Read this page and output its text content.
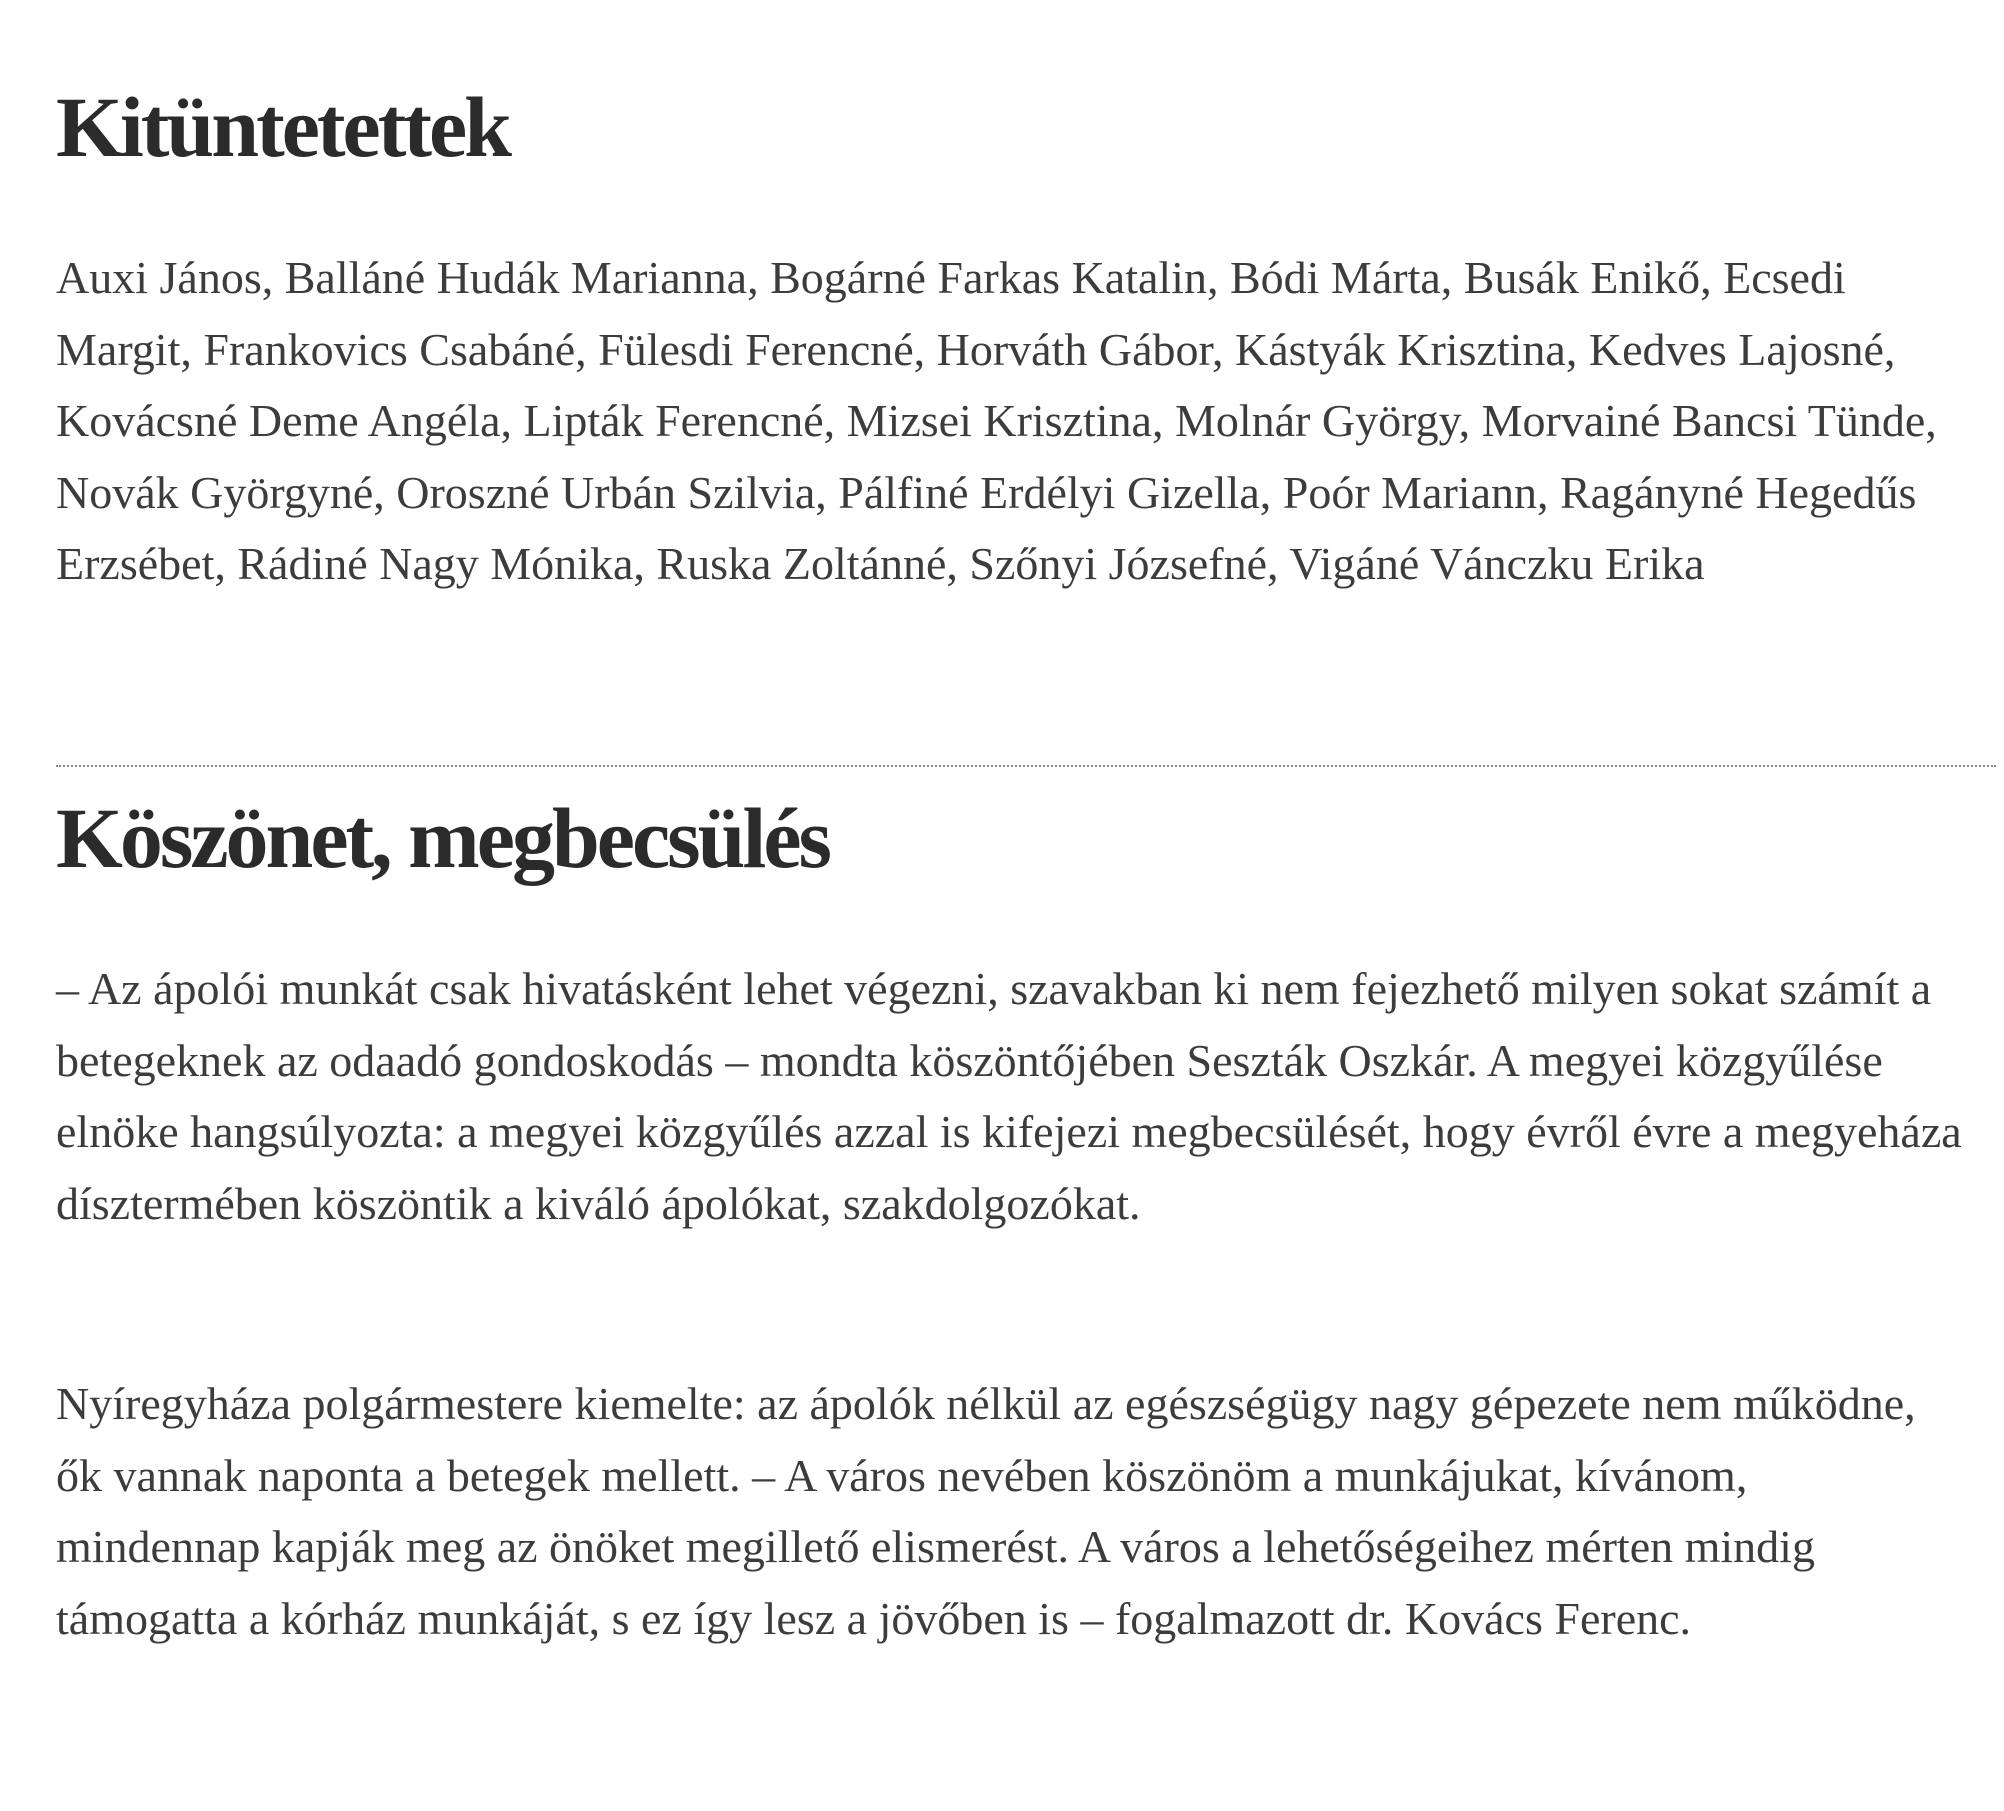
Kitüntetettek

Auxi János, Balláné Hudák Marianna, Bogárné Farkas Katalin, Bódi Márta, Busák Enikő, Ecsedi Margit, Frankovics Csabáné, Fülesdi Ferencné, Horváth Gábor, Kástyák Krisztina, Kedves Lajosné, Kovácsné Deme Angéla, Lipták Ferencné, Mizsei Krisztina, Molnár György, Morvainé Bancsi Tünde, Novák Györgyné, Oroszné Urbán Szilvia, Pálfiné Erdélyi Gizella, Poór Mariann, Ragányné Hegedűs Erzsébet, Rádiné Nagy Mónika, Ruska Zoltánné, Szőnyi Józsefné, Vigáné Vánczku Erika

Köszönet, megbecsülés

– Az ápolói munkát csak hivatásként lehet végezni, szavakban ki nem fejezhető milyen sokat számít a betegeknek az odaadó gondoskodás – mondta köszöntőjében Seszták Oszkár. A megyei közgyűlése elnöke hangsúlyozta: a megyei közgyűlés azzal is kifejezi megbecsülését, hogy évről évre a megyeháza dísztermében köszöntik a kiváló ápolókat, szakdolgozókat.

Nyíregyháza polgármestere kiemelte: az ápolók nélkül az egészségügy nagy gépezete nem működne, ők vannak naponta a betegek mellett. – A város nevében köszönöm a munkájukat, kívánom, mindennap kapják meg az önöket megillető elismerést. A város a lehetőségeihez mérten mindig támogatta a kórház munkáját, s ez így lesz a jövőben is – fogalmazott dr. Kovács Ferenc.
